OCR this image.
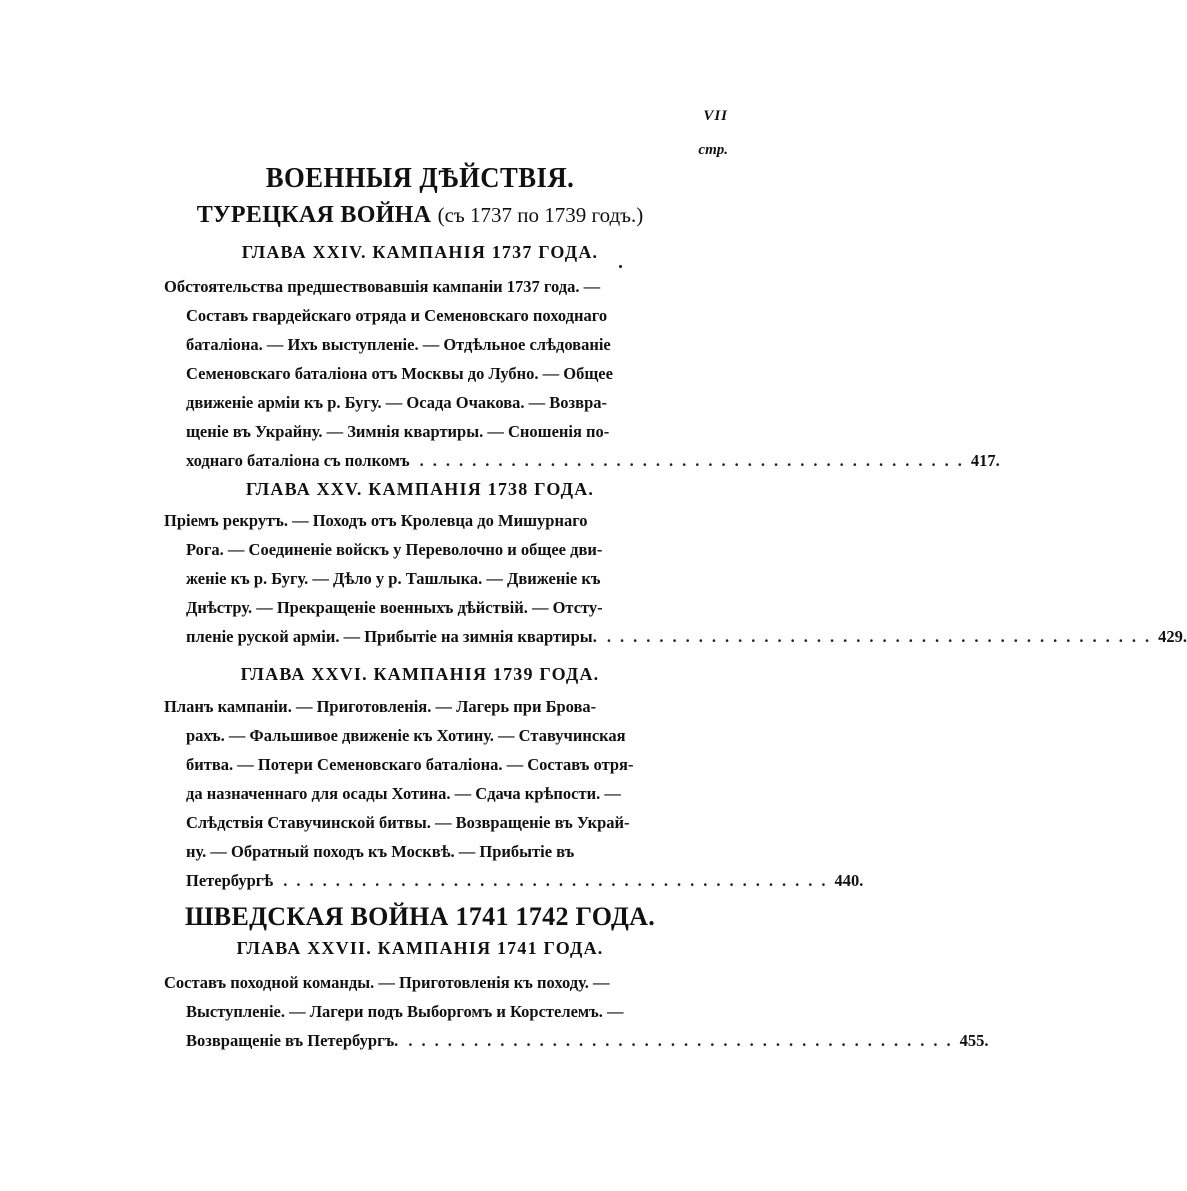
VII
стр.
ВОЕННЫЯ ДѢЙСТВІЯ.
ТУРЕЦКАЯ ВОЙНА (съ 1737 по 1739 годъ.)
ГЛАВА XXIV. КАМПАНІЯ 1737 ГОДА.
Обстоятельства предшествовавшія кампаніи 1737 года. —
Составъ гвардейскаго отряда и Семеновскаго походнаго
баталіона. — Ихъ выступленіе. — Отдѣльное слѣдованіе
Семеновскаго баталіона отъ Москвы до Лубно. — Общее
движеніе арміи къ р. Бугу. — Осада Очакова. — Возвра-
щеніе въ Украйну. — Зимнія квартиры. — Сношенія по-
ходнаго баталіона съ полкомъ .......................................... 417.
ГЛАВА XXV. КАМПАНІЯ 1738 ГОДА.
Пріемъ рекрутъ. — Походъ отъ Кролевца до Мишурнаго
Рога. — Соединеніе войскъ у Переволочно и общее дви-
женіе къ р. Бугу. — Дѣло у р. Ташлыка. — Движеніе къ
Днѣстру. — Прекращеніе военныхъ дѣйствій. — Отсту-
пленіе руской арміи. — Прибытіе на зимнія квартиры. .......................................... 429.
ГЛАВА XXVI. КАМПАНІЯ 1739 ГОДА.
Планъ кампаніи. — Приготовленія. — Лагерь при Брова-
рахъ. — Фальшивое движеніе къ Хотину. — Ставучинская
битва. — Потери Семеновскаго баталіона. — Составъ отря-
да назначеннаго для осады Хотина. — Сдача крѣпости. —
Слѣдствія Ставучинской битвы. — Возвращеніе въ Украй-
ну. — Обратный походъ къ Москвѣ. — Прибытіе въ
Петербургѣ .......................................... 440.
ШВЕДСКАЯ ВОЙНА 1741 1742 ГОДА.
ГЛАВА XXVII. КАМПАНІЯ 1741 ГОДА.
Составъ походной команды. — Приготовленія къ походу. —
Выступленіе. — Лагери подъ Выборгомъ и Корстелемъ. —
Возвращеніе въ Петербургъ. .......................................... 455.
